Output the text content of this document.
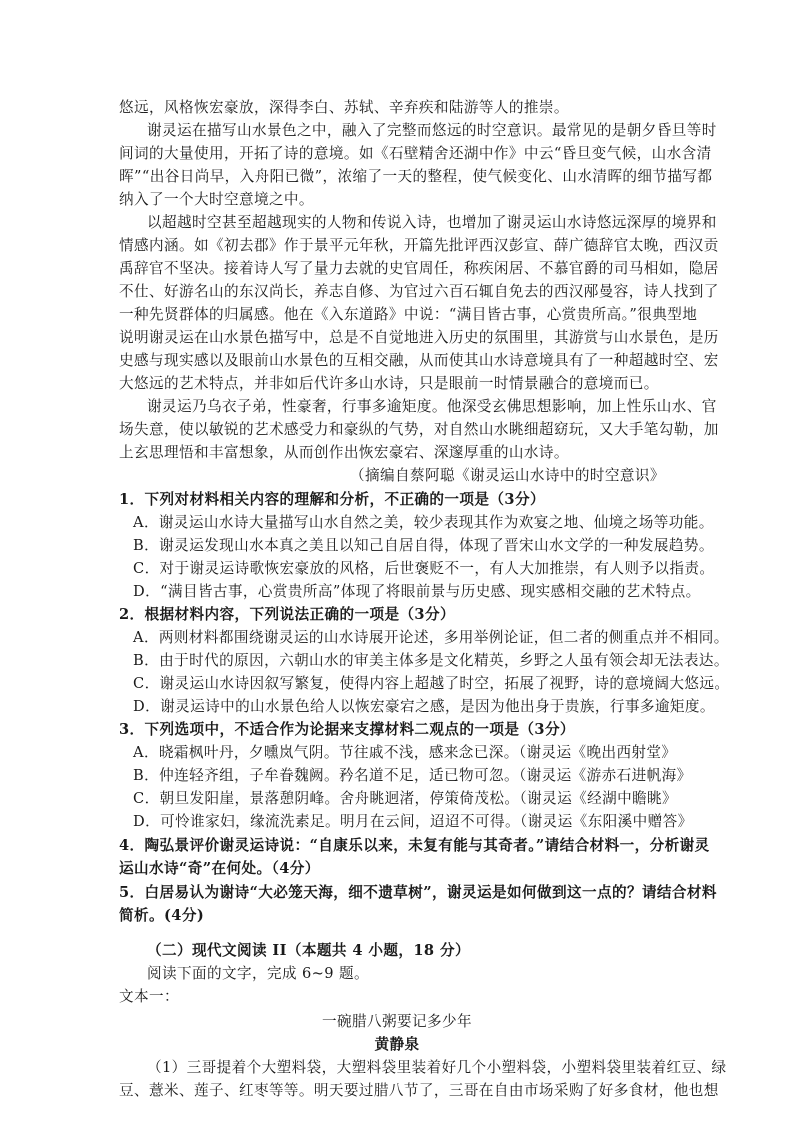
悠远，风格恢宏豪放，深得李白、苏轼、辛弃疾和陆游等人的推崇。
谢灵运在描写山水景色之中，融入了完整而悠远的时空意识。最常见的是朝夕昏旦等时
间词的大量使用，开拓了诗的意境。如《石壁精舍还湖中作》中云“昏旦变气候，山水含清
晖”“出谷日尚早，入舟阳已微”，浓缩了一天的整程，使气候变化、山水清晖的细节描写都
纳入了一个大时空意境之中。
以超越时空甚至超越现实的人物和传说入诗，也增加了谢灵运山水诗悠远深厚的境界和
情感内涵。如《初去郡》作于景平元年秋，开篇先批评西汉彭宣、薛广德辞官太晚，西汉贡
禹辞官不坚决。接着诗人写了量力去就的史官周任，称疾闲居、不慕官爵的司马相如，隐居
不仕、好游名山的东汉尚长，养志自修、为官过六百石辄自免去的西汉邴曼容，诗人找到了
一种先贤群体的归属感。他在《入东道路》中说：“满目皆古事，心赏贵所高。”很典型地
说明谢灵运在山水景色描写中，总是不自觉地进入历史的氛围里，其游赏与山水景色，是历
史感与现实感以及眼前山水景色的互相交融，从而使其山水诗意境具有了一种超越时空、宏
大悠远的艺术特点，并非如后代许多山水诗，只是眼前一时情景融合的意境而已。
谢灵运乃乌衣子弟，性豪奢，行事多逾矩度。他深受玄佛思想影响，加上性乐山水、官
场失意，使以敏锐的艺术感受力和豪纵的气势，对自然山水眺细超窈玩，又大手笔勾勒，加
上玄思理悟和丰富想象，从而创作出恢宏豪宕、深邃厚重的山水诗。
（摘编自蔡阿聪《谢灵运山水诗中的时空意识》
1．下列对材料相关内容的理解和分析，不正确的一项是（3分）
A．谢灵运山水诗大量描写山水自然之美，较少表现其作为欢宴之地、仙境之场等功能。
B．谢灵运发现山水本真之美且以知己自居自得，体现了晋宋山水文学的一种发展趋势。
C．对于谢灵运诗歌恢宏豪放的风格，后世褒贬不一，有人大加推崇，有人则予以指责。
D．“满目皆古事，心赏贵所高”体现了将眼前景与历史感、现实感相交融的艺术特点。
2．根据材料内容，下列说法正确的一项是（3分）
A．两则材料都围绕谢灵运的山水诗展开论述，多用举例论证，但二者的侧重点并不相同。
B．由于时代的原因，六朝山水的审美主体多是文化精英，乡野之人虽有领会却无法表达。
C．谢灵运山水诗因叙写繁复，使得内容上超越了时空，拓展了视野，诗的意境阔大悠远。
D．谢灵运诗中的山水景色给人以恢宏豪宕之感，是因为他出身于贵族，行事多逾矩度。
3．下列选项中，不适合作为论据来支撑材料二观点的一项是（3分）
A．晓霜枫叶丹，夕曛岚气阴。节往戚不浅，感来念已深。（谢灵运《晚出西射堂》
B．仲连轻齐组，子牟眷魏阙。矜名道不足，适已物可忽。（谢灵运《游赤石进帆海》
C．朝旦发阳崖，景落憩阴峰。舍舟眺迥渚，停策倚茂松。（谢灵运《经湖中瞻眺》
D．可怜谁家妇，缘流洗素足。明月在云间，迢迢不可得。（谢灵运《东阳溪中赠答》
4．陶弘景评价谢灵运诗说：“自康乐以来，未复有能与其奇者。”请结合材料一，分析谢灵
运山水诗“奇”在何处。（4分）
5．白居易认为谢诗“大必笼天海，细不遗草树”，谢灵运是如何做到这一点的？请结合材料
简析。(4分)
（二）现代文阅读 II（本题共 4 小题，18 分）
阅读下面的文字，完成 6~9 题。
文本一：
一碗腊八粥要记多少年
黄静泉
（1）三哥提着个大塑料袋，大塑料袋里装着好几个小塑料袋，小塑料袋里装着红豆、绿
豆、薏米、莲子、红枣等等。明天要过腊八节了，三哥在自由市场采购了好多食材，他也想
